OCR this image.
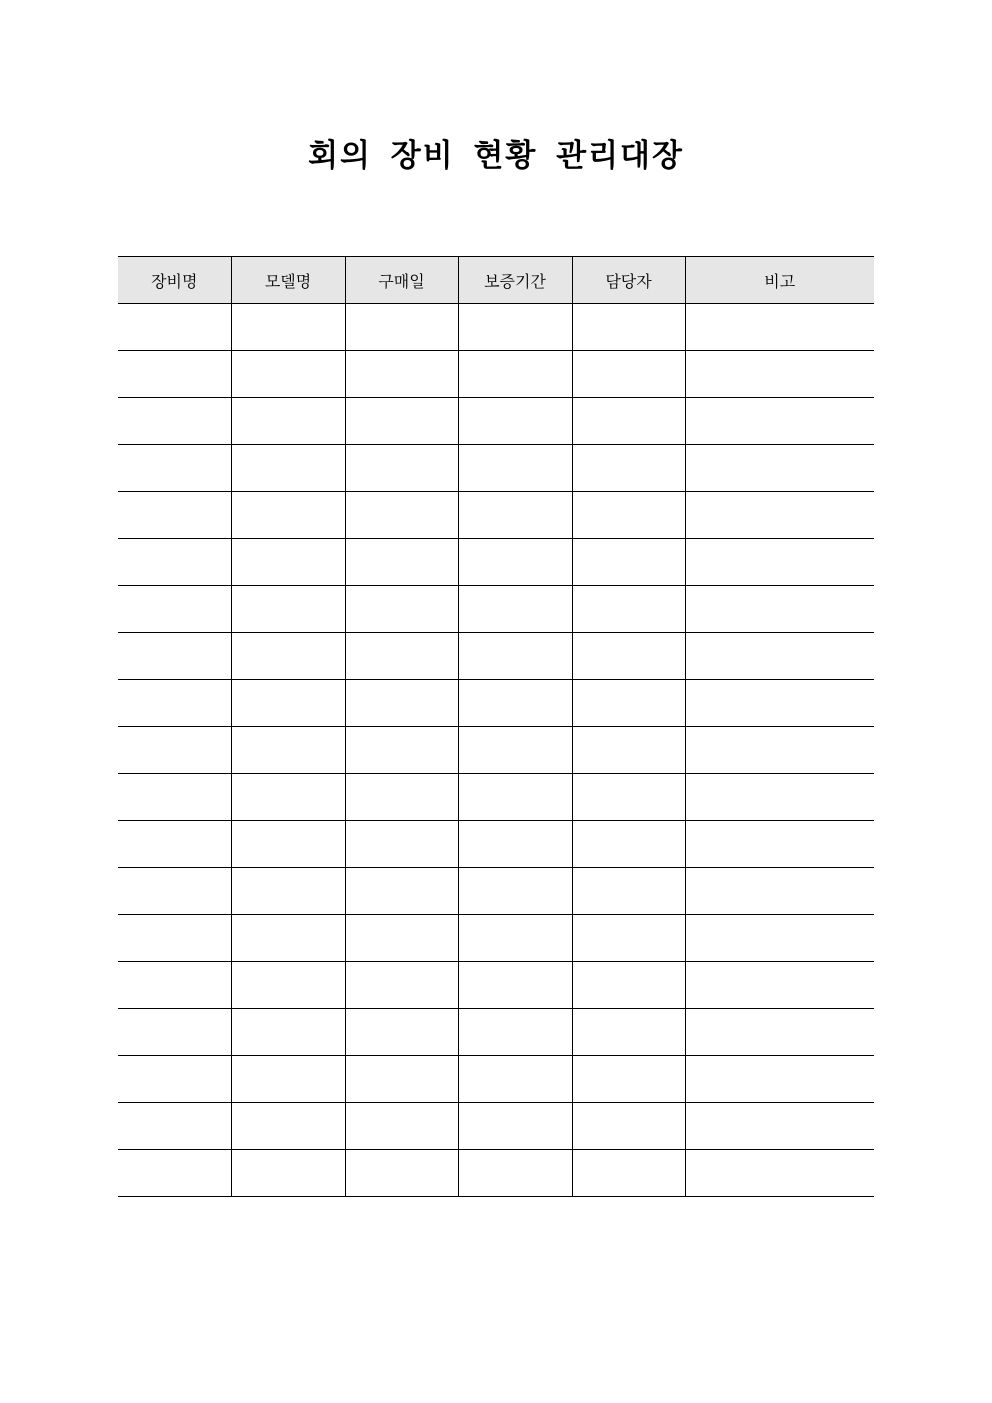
회의 장비 현황 관리대장
장비명	모델명	구매일	보증기간	담당자	비고
